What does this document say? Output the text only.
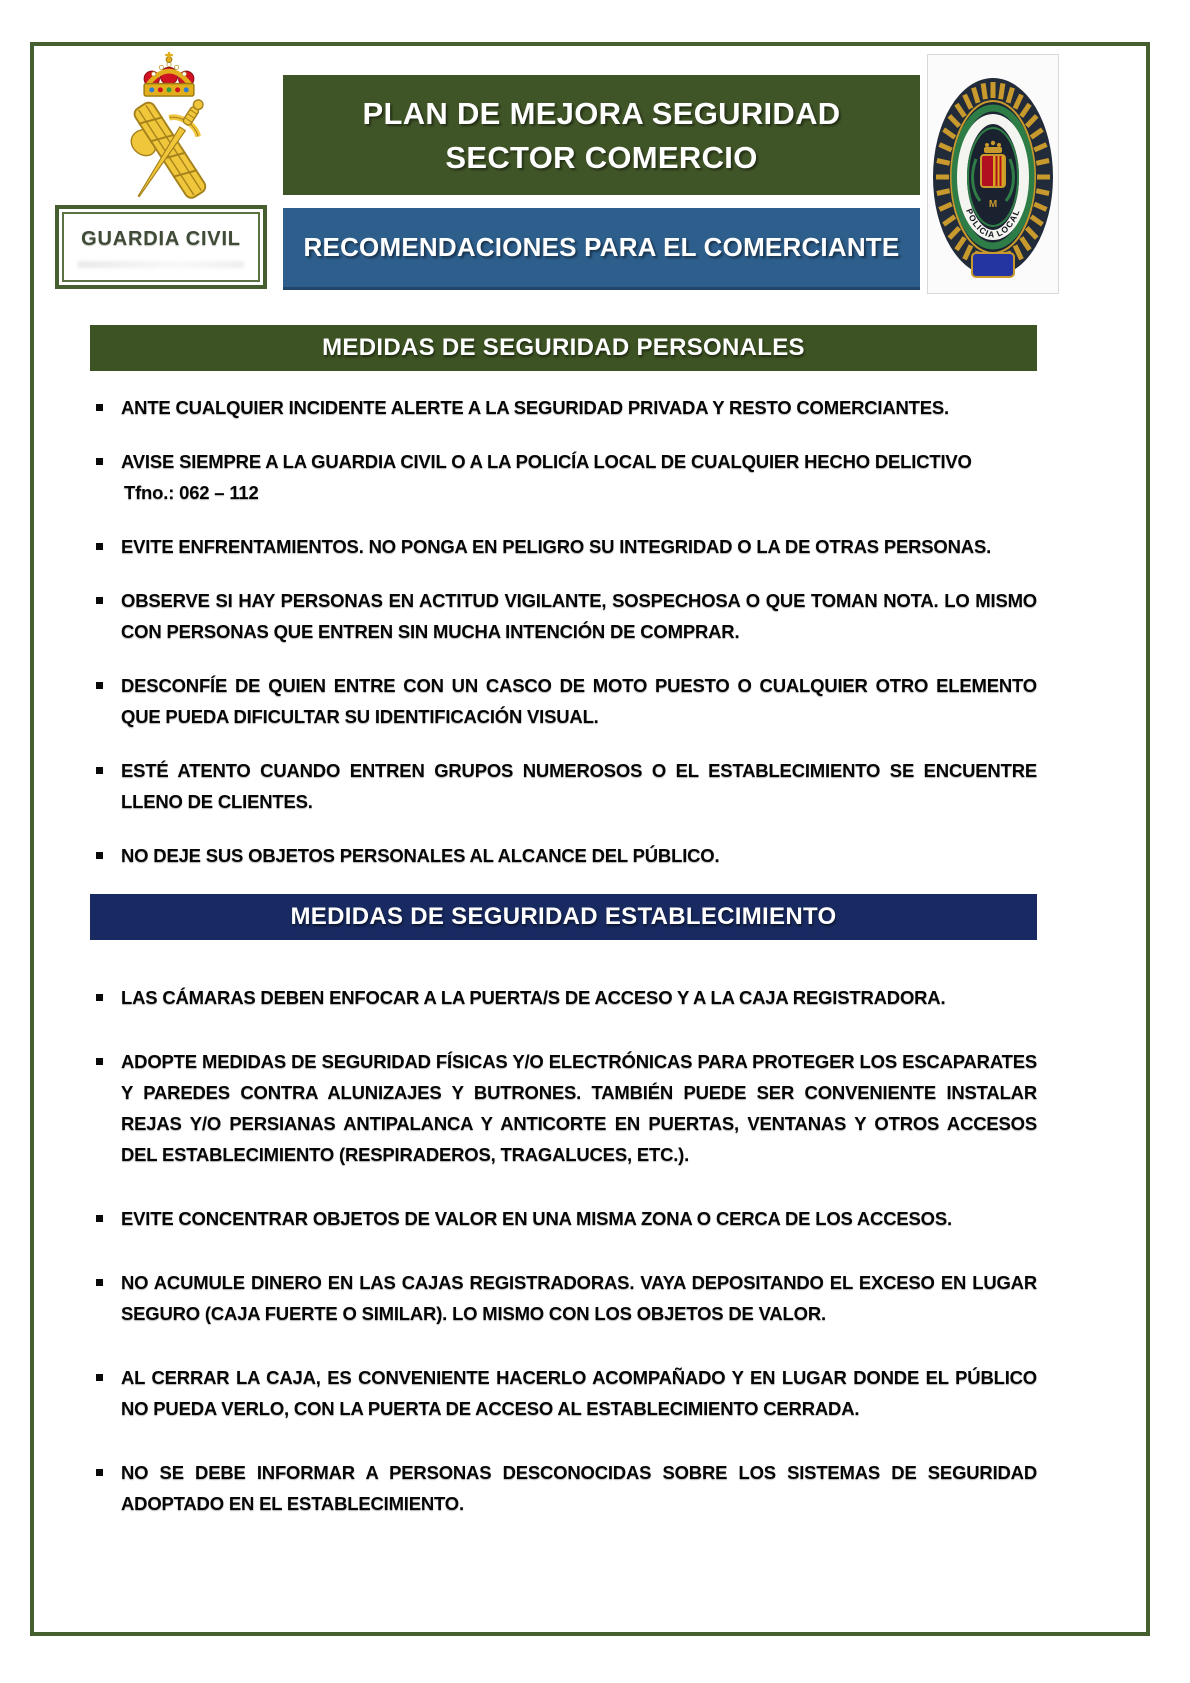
GUARDIA CIVIL
PLAN DE MEJORA SEGURIDAD
SECTOR COMERCIO
RECOMENDACIONES PARA EL COMERCIANTE
M
POLICIA LOCAL
MEDIDAS DE SEGURIDAD PERSONALES
ANTE CUALQUIER INCIDENTE ALERTE A LA SEGURIDAD PRIVADA Y RESTO COMERCIANTES.
AVISE SIEMPRE A LA GUARDIA CIVIL O A LA POLICÍA LOCAL DE CUALQUIER HECHO DELICTIVO
Tfno.: 062 – 112
EVITE ENFRENTAMIENTOS. NO PONGA EN PELIGRO SU INTEGRIDAD O LA DE OTRAS PERSONAS.
OBSERVE SI HAY PERSONAS EN ACTITUD VIGILANTE, SOSPECHOSA O QUE TOMAN NOTA. LO MISMO CON PERSONAS QUE ENTREN SIN MUCHA INTENCIÓN DE COMPRAR.
DESCONFÍE DE QUIEN ENTRE CON UN CASCO DE MOTO PUESTO O CUALQUIER OTRO ELEMENTO QUE PUEDA DIFICULTAR SU IDENTIFICACIÓN VISUAL.
ESTÉ ATENTO CUANDO ENTREN GRUPOS NUMEROSOS O EL ESTABLECIMIENTO SE ENCUENTRE LLENO DE CLIENTES.
NO DEJE SUS OBJETOS PERSONALES AL ALCANCE DEL PÚBLICO.
MEDIDAS DE SEGURIDAD ESTABLECIMIENTO
LAS CÁMARAS DEBEN ENFOCAR A LA PUERTA/S DE ACCESO Y A LA CAJA REGISTRADORA.
ADOPTE MEDIDAS DE SEGURIDAD FÍSICAS Y/O ELECTRÓNICAS PARA PROTEGER LOS ESCAPARATES Y PAREDES CONTRA ALUNIZAJES Y BUTRONES. TAMBIÉN PUEDE SER CONVENIENTE INSTALAR REJAS Y/O PERSIANAS ANTIPALANCA Y ANTICORTE EN PUERTAS, VENTANAS Y OTROS ACCESOS DEL ESTABLECIMIENTO (RESPIRADEROS, TRAGALUCES, ETC.).
EVITE CONCENTRAR OBJETOS DE VALOR EN UNA MISMA ZONA O CERCA DE LOS ACCESOS.
NO ACUMULE DINERO EN LAS CAJAS REGISTRADORAS. VAYA DEPOSITANDO EL EXCESO EN LUGAR SEGURO (CAJA FUERTE O SIMILAR). LO MISMO CON LOS OBJETOS DE VALOR.
AL CERRAR LA CAJA, ES CONVENIENTE HACERLO ACOMPAÑADO Y EN LUGAR DONDE EL PÚBLICO NO PUEDA VERLO, CON LA PUERTA DE ACCESO AL ESTABLECIMIENTO CERRADA.
NO SE DEBE INFORMAR A PERSONAS DESCONOCIDAS SOBRE LOS SISTEMAS DE SEGURIDAD ADOPTADO EN EL ESTABLECIMIENTO.
